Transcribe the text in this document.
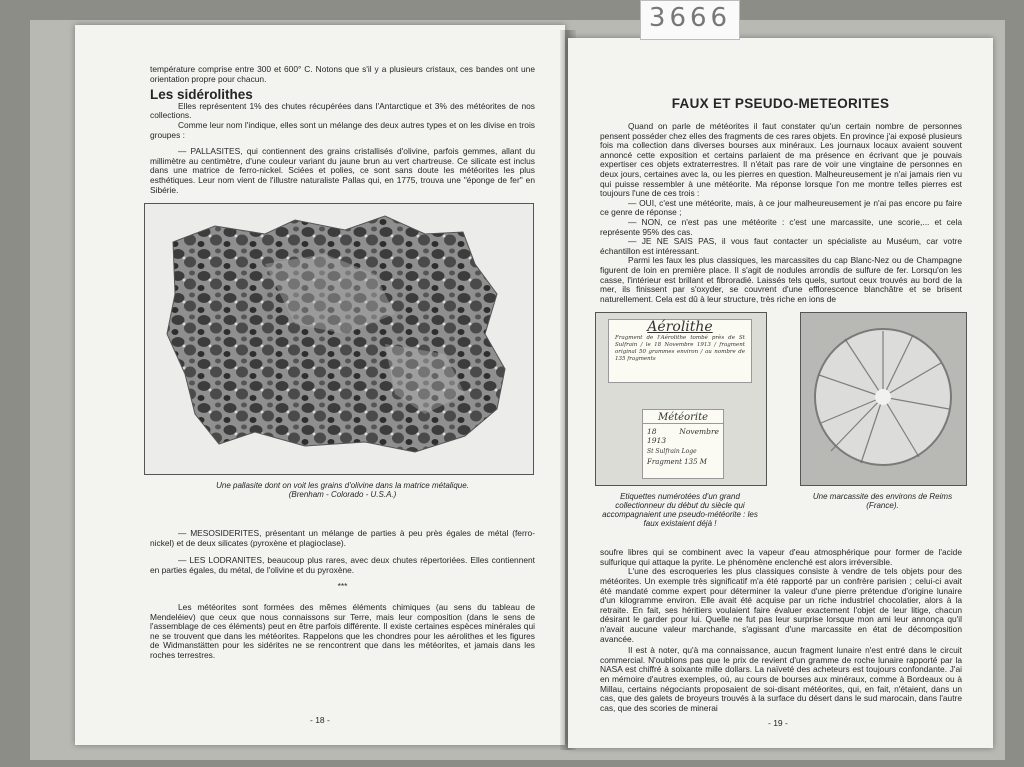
température comprise entre 300 et 600° C. Notons que s'il y a plusieurs cristaux, ces bandes ont une orientation propre pour chacun.

Les sidérolithes

Elles représentent 1% des chutes récupérées dans l'Antarctique et 3% des météorites de nos collections.

Comme leur nom l'indique, elles sont un mélange des deux autres types et on les divise en trois groupes :

— PALLASITES, qui contiennent des grains cristallisés d'olivine, parfois gemmes, allant du millimètre au centimètre, d'une couleur variant du jaune brun au vert chartreuse. Ce silicate est inclus dans une matrice de ferro-nickel. Sciées et polies, ce sont sans doute les météorites les plus esthétiques. Leur nom vient de l'illustre naturaliste Pallas qui, en 1775, trouva une "éponge de fer" en Sibérie.

Une pallasite dont on voit les grains d'olivine dans la matrice métalique.
(Brenham - Colorado - U.S.A.)

— MESOSIDERITES, présentant un mélange de parties à peu près égales de métal (ferro-nickel) et de deux silicates (pyroxène et plagioclase).

— LES LODRANITES, beaucoup plus rares, avec deux chutes répertoriées. Elles contiennent en parties égales, du métal, de l'olivine et du pyroxène.

***

Les météorites sont formées des mêmes éléments chimiques (au sens du tableau de Mendeléiev) que ceux que nous connaissons sur Terre, mais leur composition (dans le sens de l'assemblage de ces éléments) peut en être parfois différente. Il existe certaines espèces minérales qui ne se trouvent que dans les météorites. Rappelons que les chondres pour les aérolithes et les figures de Widmanstätten pour les sidérites ne se rencontrent que dans les météorites, et jamais dans les roches terrestres.

- 18 -
FAUX ET PSEUDO-METEORITES

Quand on parle de météorites il faut constater qu'un certain nombre de personnes pensent posséder chez elles des fragments de ces rares objets. En province j'ai exposé plusieurs fois ma collection dans diverses bourses aux minéraux. Les journaux locaux avaient souvent annoncé cette exposition et certains parlaient de ma présence en écrivant que je pouvais expertiser ces objets extraterrestres. Il n'était pas rare de voir une vingtaine de personnes en deux jours, certaines avec la, ou les pierres en question. Malheureusement je n'ai jamais rien vu qui puisse ressembler à une météorite. Ma réponse lorsque l'on me montre telles pierres est toujours l'une de ces trois :

— OUI, c'est une météorite, mais, à ce jour malheureusement je n'ai pas encore pu faire ce genre de réponse ;

— NON, ce n'est pas une météorite : c'est une marcassite, une scorie,... et cela représente 95% des cas.

— JE NE SAIS PAS, il vous faut contacter un spécialiste au Muséum, car votre échantillon est intéressant.

Parmi les faux les plus classiques, les marcassites du cap Blanc-Nez ou de Champagne figurent de loin en première place. Il s'agit de nodules arrondis de sulfure de fer. Lorsqu'on les casse, l'intérieur est brillant et fibroradié. Laissés tels quels, surtout ceux trouvés au bord de la mer, ils finissent par s'oxyder, se couvrent d'une efflorescence blanchâtre et se brisent naturellement. Cela est dû à leur structure, très riche en ions de

Aérolithe
Fragment de l'Aérolithe tombé près de St Sulfrain / le 18 Novembre 1913 / fragment original 50 grammes environ / au nombre de 135 fragments
Météorite
18 Novembre 1913
St Sulfrain Loge
Fragment 135 M
Etiquettes numérotées d'un grand collectionneur du début du siècle qui accompagnaient une pseudo-météorite : les faux existaient déjà !
Une marcassite des environs de Reims (France).

soufre libres qui se combinent avec la vapeur d'eau atmosphérique pour former de l'acide sulfurique qui attaque la pyrite. Le phénomène enclenché est alors irréversible.

L'une des escroqueries les plus classiques consiste à vendre de tels objets pour des météorites. Un exemple très significatif m'a été rapporté par un confrère parisien ; celui-ci avait été mandaté comme expert pour déterminer la valeur d'une pierre prétendue d'origine lunaire d'un kilogramme environ. Elle avait été acquise par un riche industriel chocolatier, alors à la retraite. En fait, ses héritiers voulaient faire évaluer exactement l'objet de leur litige, chacun désirant le garder pour lui. Quelle ne fut pas leur surprise lorsque mon ami leur annonça qu'il n'avait aucune valeur marchande, s'agissant d'une marcassite en état de décomposition avancée.

Il est à noter, qu'à ma connaissance, aucun fragment lunaire n'est entré dans le circuit commercial. N'oublions pas que le prix de revient d'un gramme de roche lunaire rapporté par la NASA est chiffré à soixante mille dollars. La naïveté des acheteurs est toujours confondante. J'ai en mémoire d'autres exemples, où, au cours de bourses aux minéraux, comme à Bordeaux ou à Millau, certains négociants proposaient de soi-disant météorites, qui, en fait, n'étaient, dans un cas, que des galets de broyeurs trouvés à la surface du désert dans le sud marocain, dans l'autre cas, que des scories de minerai

- 19 -
3666
